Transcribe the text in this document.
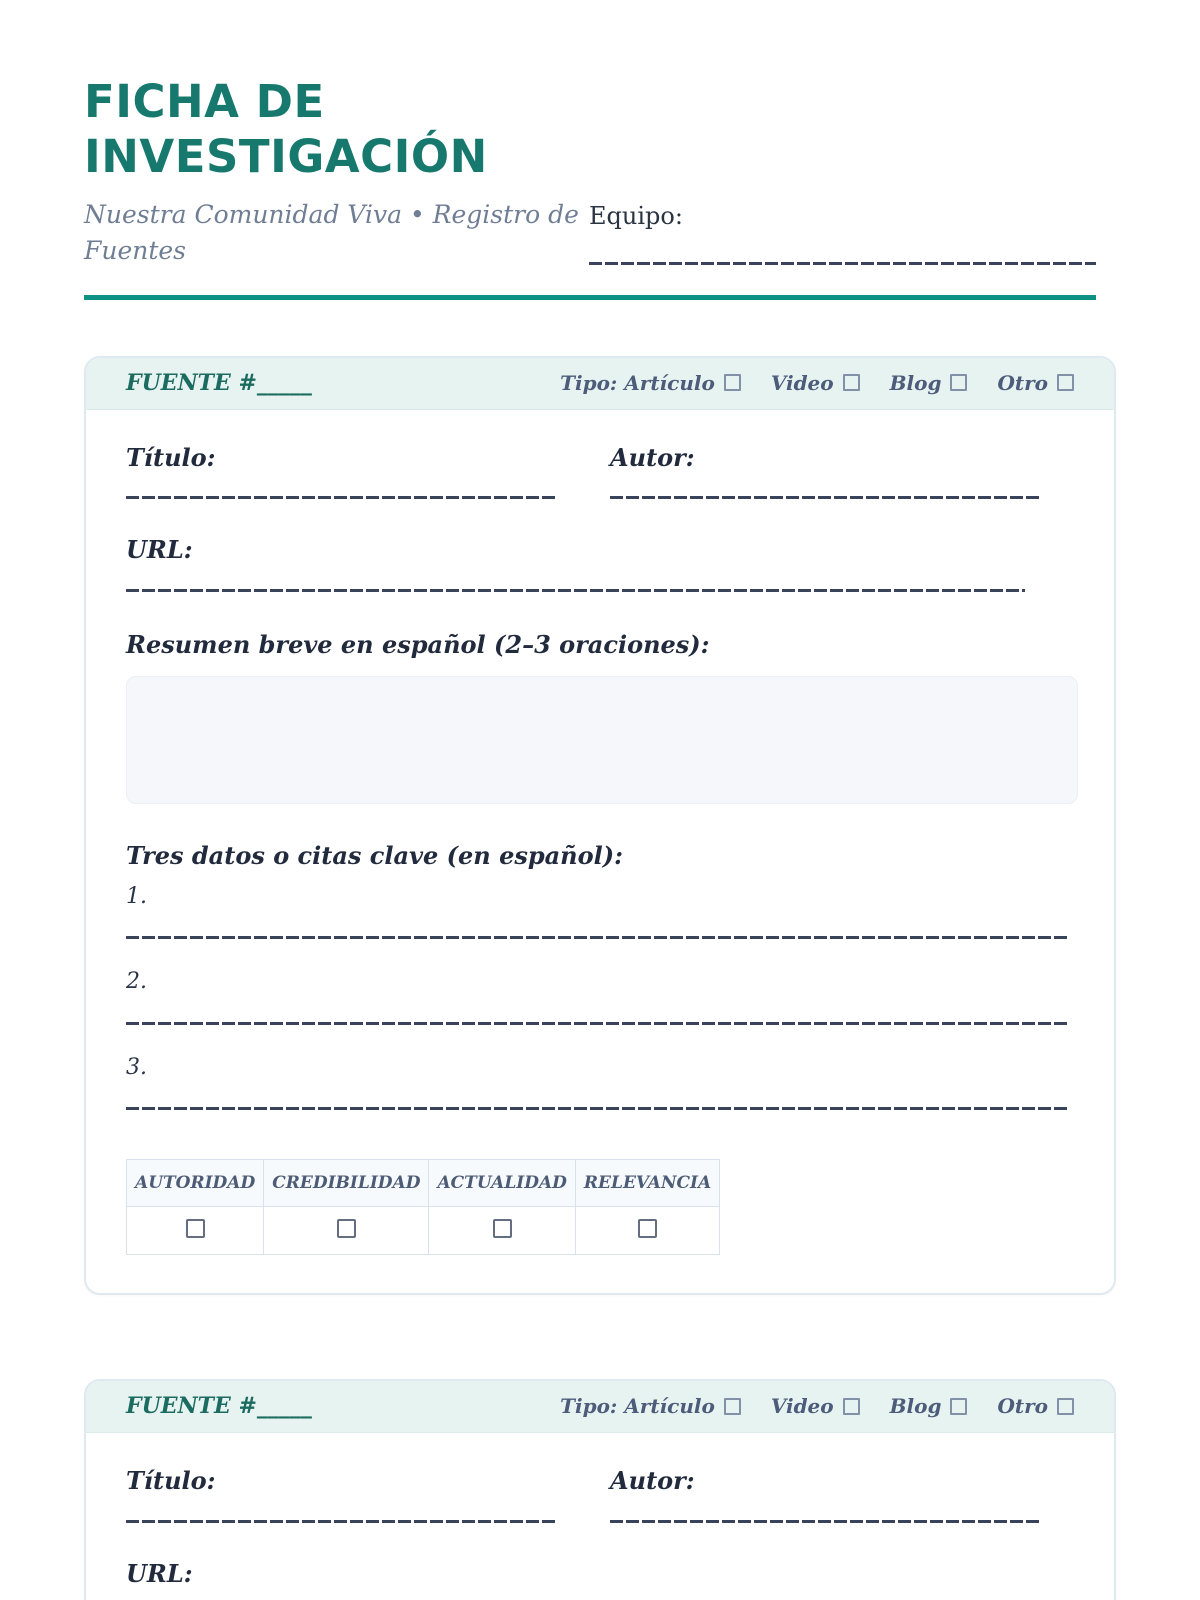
FICHA DE INVESTIGACIÓN
Nuestra Comunidad Viva • Registro de Fuentes
Equipo:
FUENTE #_____	Tipo:
Artículo	Video	Blog	Otro
Título:	Autor:
URL:
Resumen breve en español (2–3 oraciones):
Tres datos o citas clave (en español):
1.
2.
3.
AUTORIDAD	CREDIBILIDAD	ACTUALIDAD	RELEVANCIA

FUENTE #_____	Tipo:
Artículo	Video	Blog	Otro
Título:	Autor:
URL:
